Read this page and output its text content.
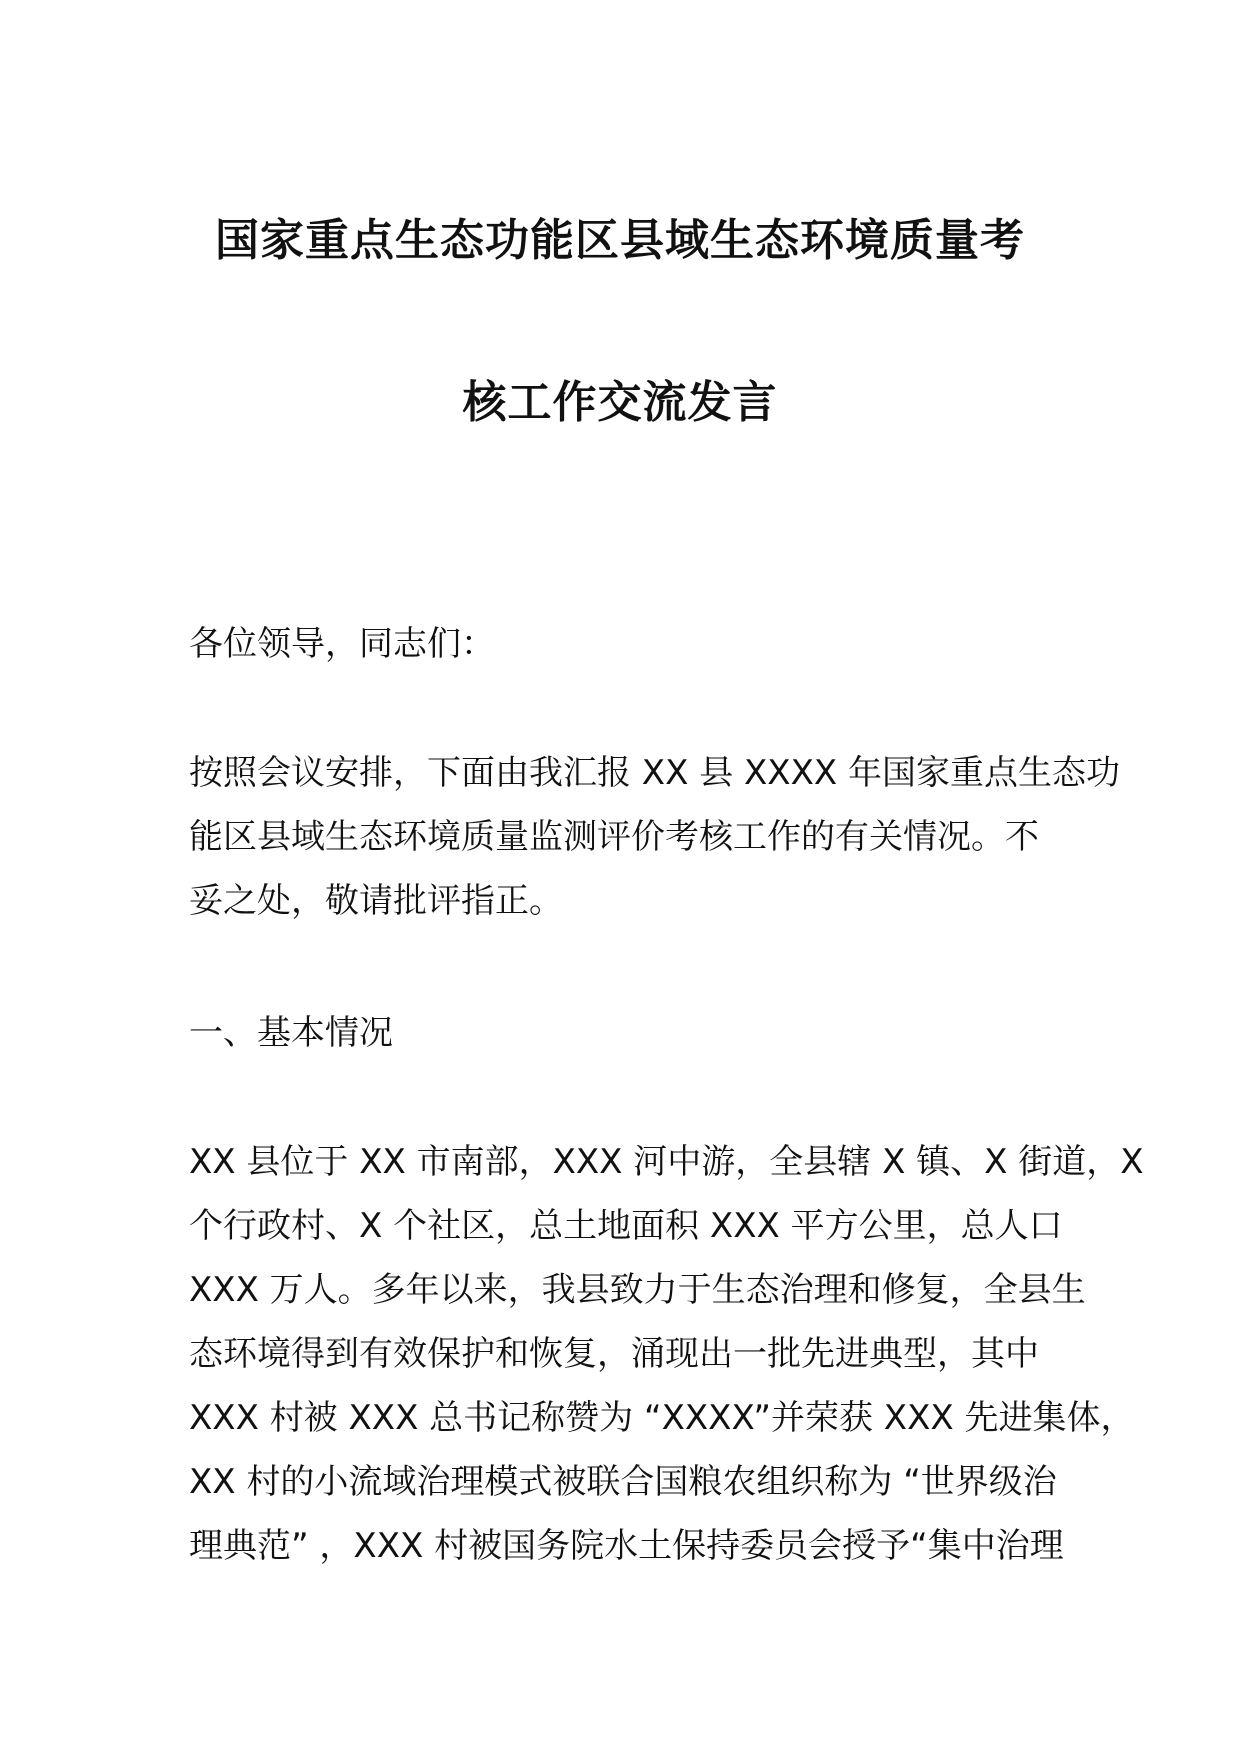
国家重点生态功能区县域生态环境质量考
核工作交流发言
各位领导，同志们：
按照会议安排，下面由我汇报 XX 县 XXXX 年国家重点生态功
能区县域生态环境质量监测评价考核工作的有关情况。不
妥之处，敬请批评指正。
一、基本情况
XX 县位于 XX 市南部，XXX 河中游，全县辖 X 镇、X 街道，X
个行政村、X 个社区，总土地面积 XXX 平方公里，总人口
XXX 万人。多年以来，我县致力于生态治理和修复，全县生
态环境得到有效保护和恢复，涌现出一批先进典型，其中
XXX 村被 XXX 总书记称赞为 “XXXX”并荣获 XXX 先进集体，
XX 村的小流域治理模式被联合国粮农组织称为 “世界级治
理典范” ，XXX 村被国务院水土保持委员会授予“集中治理
